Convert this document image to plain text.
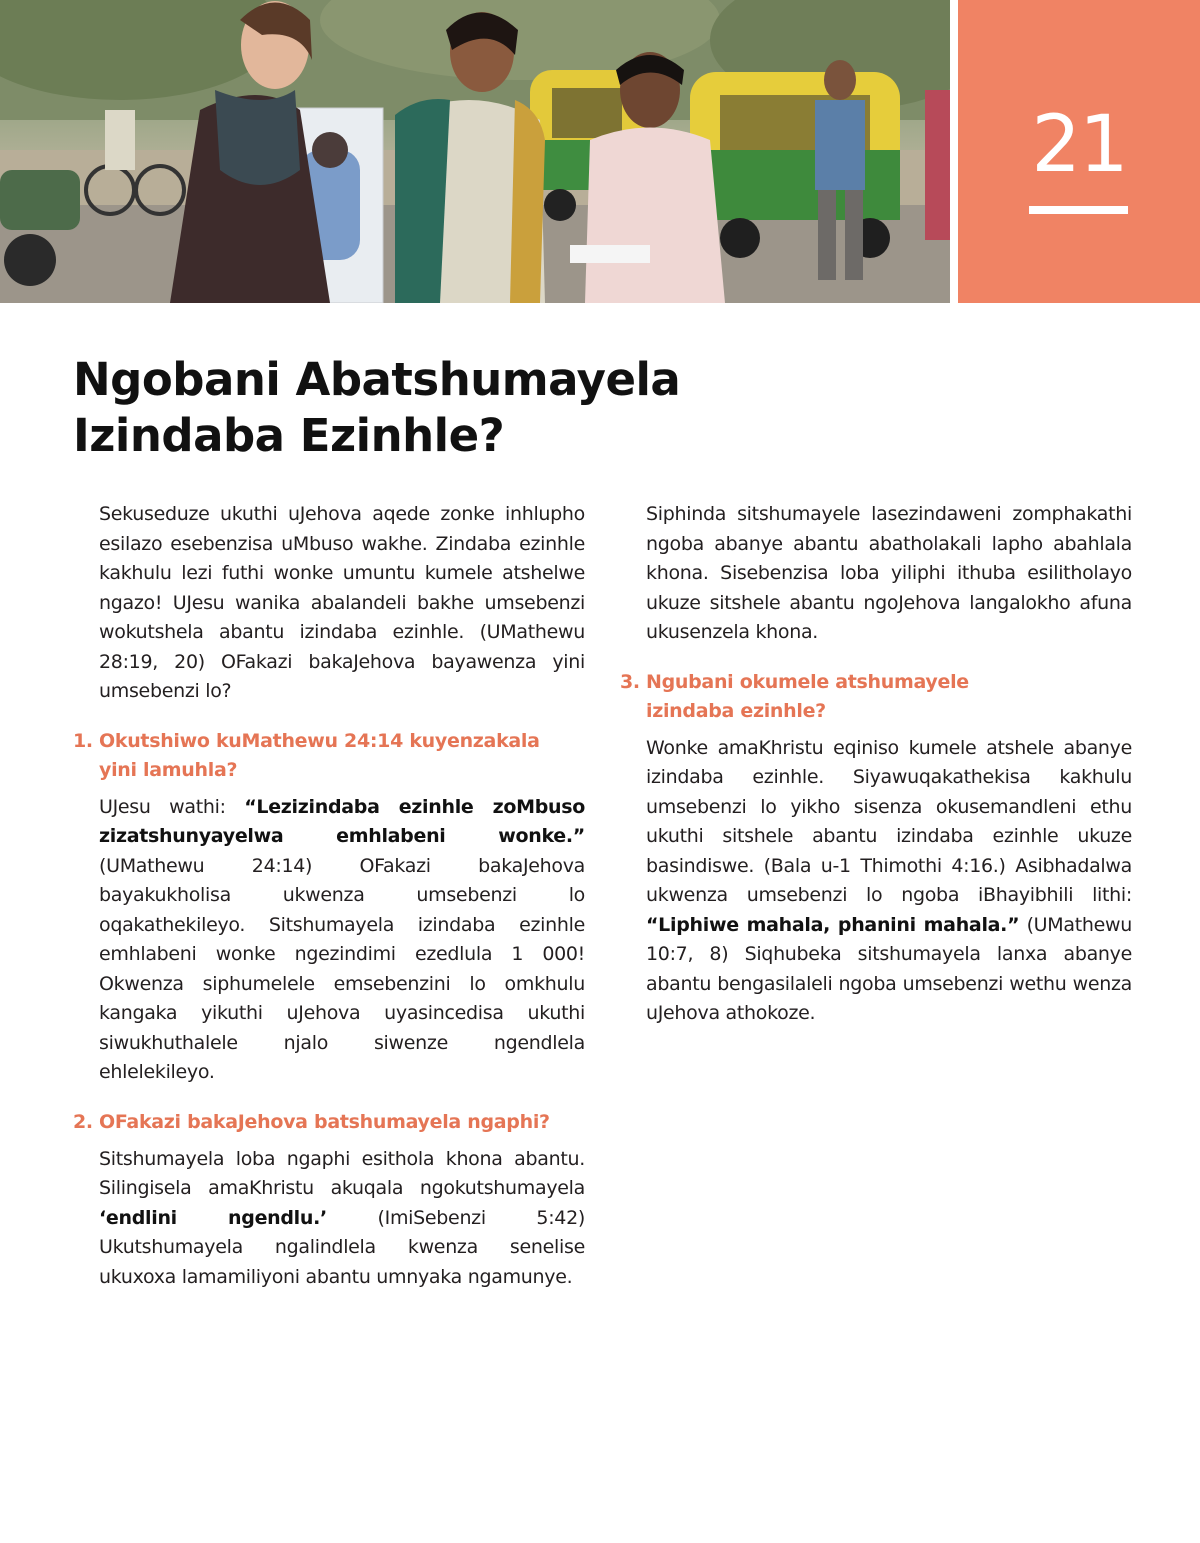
21
Ngobani Abatshumayela
Izindaba Ezinhle?

Sekuseduze ukuthi uJehova aqede zonke inhlupho esilazo esebenzisa uMbuso wakhe. Zindaba ezinhle kakhulu lezi futhi wonke umuntu kumele atshelwe ngazo! UJesu wanika abalandeli bakhe umsebenzi wokutshela abantu izindaba ezinhle. (UMathewu 28:19, 20) OFakazi bakaJehova bayawenza yini umsebenzi lo?

1. Okutshiwo kuMathewu 24:14 kuyenzakala
yini lamuhla?

UJesu wathi: “Lezizindaba ezinhle zoMbuso zizatshunyayelwa emhlabeni wonke.” (UMathewu 24:14) OFakazi bakaJehova bayakukholisa ukwenza umsebenzi lo oqakathekileyo. Sitshumayela izindaba ezinhle emhlabeni wonke ngezindimi ezedlula 1 000! Okwenza siphumelele emsebenzini lo omkhulu kangaka yikuthi uJehova uyasincedisa ukuthi siwukhuthalele njalo siwenze ngendlela ehlelekileyo.

2. OFakazi bakaJehova batshumayela ngaphi?

Sitshumayela loba ngaphi esithola khona abantu. Silingisela amaKhristu akuqala ngokutshumayela ‘endlini ngendlu.’ (ImiSebenzi 5:42) Ukutshumayela ngalindlela kwenza senelise ukuxoxa lamamiliyoni abantu umnyaka ngamunye.

Siphinda sitshumayele lasezindaweni zomphakathi ngoba abanye abantu abatholakali lapho abahlala khona. Sisebenzisa loba yiliphi ithuba esilitholayo ukuze sitshele abantu ngoJehova langalokho afuna ukusenzela khona.

3. Ngubani okumele atshumayele
izindaba ezinhle?

Wonke amaKhristu eqiniso kumele atshele abanye izindaba ezinhle. Siyawuqakathekisa kakhulu umsebenzi lo yikho sisenza okusemandleni ethu ukuthi sitshele abantu izindaba ezinhle ukuze basindiswe. (Bala u-1 Thimothi 4:16.) Asibhadalwa ukwenza umsebenzi lo ngoba iBhayibhili lithi: “Liphiwe mahala, phanini mahala.” (UMathewu 10:7, 8) Siqhubeka sitshumayela lanxa abanye abantu bengasilaleli ngoba umsebenzi wethu wenza uJehova athokoze.
